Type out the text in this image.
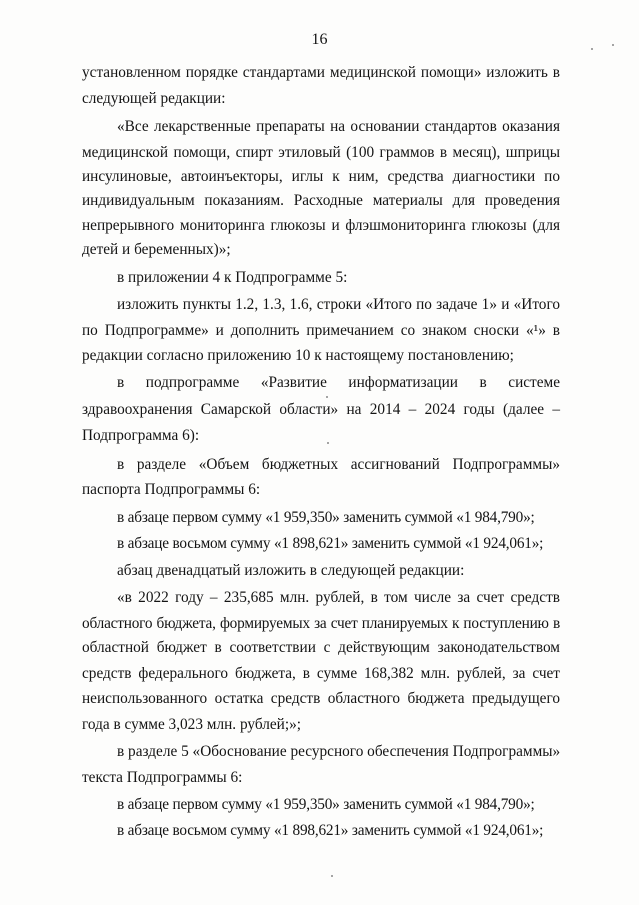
16
установленном порядке стандартами медицинской помощи» изложить в
следующей редакции:
«Все лекарственные препараты на основании стандартов оказания
медицинской помощи, спирт этиловый (100 граммов в месяц), шприцы
инсулиновые, автоинъекторы, иглы к ним, средства диагностики по
индивидуальным показаниям. Расходные материалы для проведения
непрерывного мониторинга глюкозы и флэшмониторинга глюкозы (для
детей и беременных)»;
в приложении 4 к Подпрограмме 5:
изложить пункты 1.2, 1.3, 1.6, строки «Итого по задаче 1» и «Итого
по Подпрограмме» и дополнить примечанием со знаком сноски «¹» в
редакции согласно приложению 10 к настоящему постановлению;
в подпрограмме «Развитие информатизации в системе
здравоохранения Самарской области» на 2014 – 2024 годы (далее –
Подпрограмма 6):
в разделе «Объем бюджетных ассигнований Подпрограммы»
паспорта Подпрограммы 6:
в абзаце первом сумму «1 959,350» заменить суммой «1 984,790»;
в абзаце восьмом сумму «1 898,621» заменить суммой «1 924,061»;
абзац двенадцатый изложить в следующей редакции:
«в 2022 году – 235,685 млн. рублей, в том числе за счет средств
областного бюджета, формируемых за счет планируемых к поступлению в
областной бюджет в соответствии с действующим законодательством
средств федерального бюджета, в сумме 168,382 млн. рублей, за счет
неиспользованного остатка средств областного бюджета предыдущего
года в сумме 3,023 млн. рублей;»;
в разделе 5 «Обоснование ресурсного обеспечения Подпрограммы»
текста Подпрограммы 6:
в абзаце первом сумму «1 959,350» заменить суммой «1 984,790»;
в абзаце восьмом сумму «1 898,621» заменить суммой «1 924,061»;
